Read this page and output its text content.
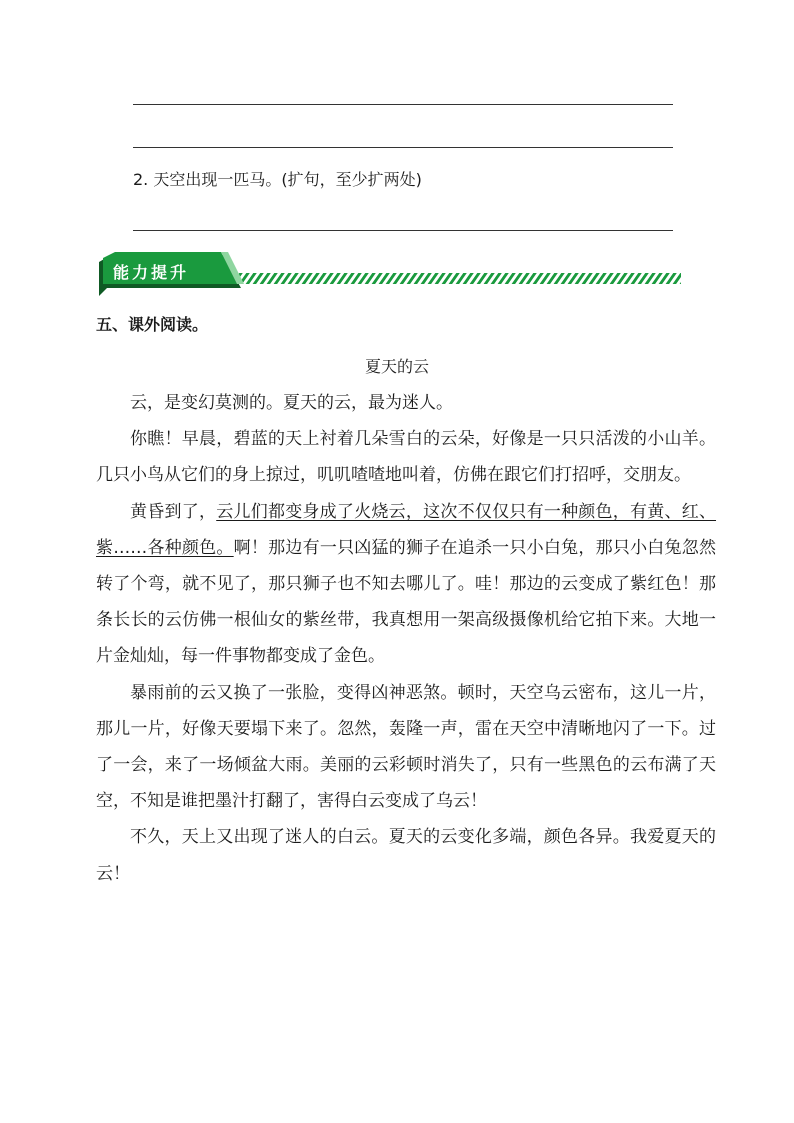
2. 天空出现一匹马。(扩句，至少扩两处)
能力提升
五、课外阅读。
夏天的云

云，是变幻莫测的。夏天的云，最为迷人。

你瞧！早晨，碧蓝的天上衬着几朵雪白的云朵，好像是一只只活泼的小山羊。几只小鸟从它们的身上掠过，叽叽喳喳地叫着，仿佛在跟它们打招呼，交朋友。

黄昏到了，云儿们都变身成了火烧云，这次不仅仅只有一种颜色，有黄、红、紫……各种颜色。啊！那边有一只凶猛的狮子在追杀一只小白兔，那只小白兔忽然转了个弯，就不见了，那只狮子也不知去哪儿了。哇！那边的云变成了紫红色！那条长长的云仿佛一根仙女的紫丝带，我真想用一架高级摄像机给它拍下来。大地一片金灿灿，每一件事物都变成了金色。

暴雨前的云又换了一张脸，变得凶神恶煞。顿时，天空乌云密布，这儿一片，那儿一片，好像天要塌下来了。忽然，轰隆一声，雷在天空中清晰地闪了一下。过了一会，来了一场倾盆大雨。美丽的云彩顿时消失了，只有一些黑色的云布满了天空，不知是谁把墨汁打翻了，害得白云变成了乌云！

不久，天上又出现了迷人的白云。夏天的云变化多端，颜色各异。我爱夏天的云！
